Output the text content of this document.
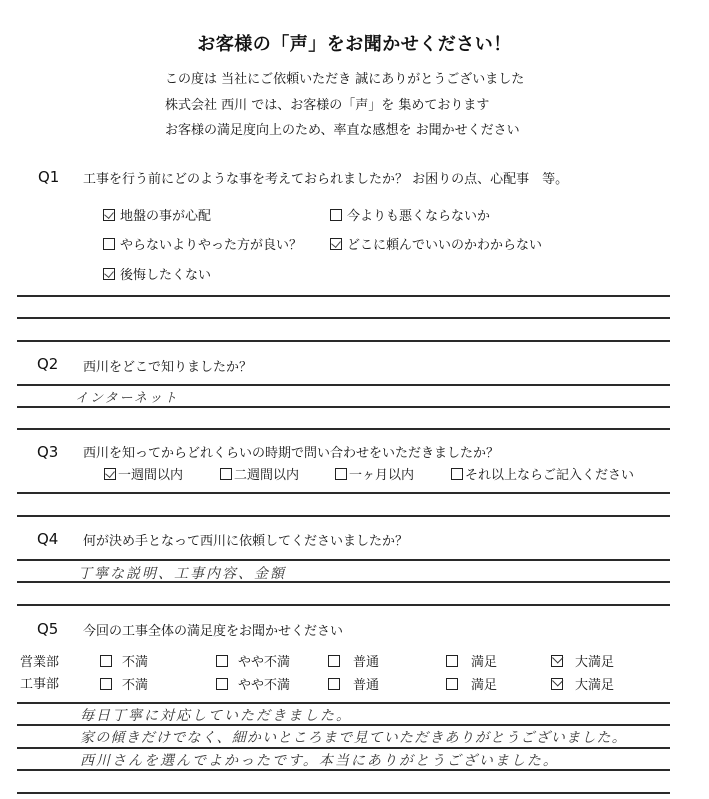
お客様の「声」をお聞かせください！
この度は 当社にご依頼いただき 誠にありがとうございました
株式会社 西川 では、お客様の「声」を 集めております
お客様の満足度向上のため、率直な感想を お聞かせください
Q1 工事を行う前にどのような事を考えておられましたか？ お困りの点、心配事　等。
地盤の事が心配	今よりも悪くならないか
やらないよりやった方が良い？	どこに頼んでいいのかわからない
後悔したくない
Q2 西川をどこで知りましたか？
インターネット
Q3 西川を知ってからどれくらいの時期で問い合わせをいただきましたか？
一週間以内	二週間以内	一ヶ月以内	それ以上ならご記入ください
Q4 何が決め手となって西川に依頼してくださいましたか？
丁寧な説明、工事内容、金額
Q5 今回の工事全体の満足度をお聞かせください
営業部	不満	やや不満	普通	満足	大満足
工事部	不満	やや不満	普通	満足	大満足
毎日丁寧に対応していただきました。
家の傾きだけでなく、細かいところまで見ていただきありがとうございました。
西川さんを選んでよかったです。本当にありがとうございました。
